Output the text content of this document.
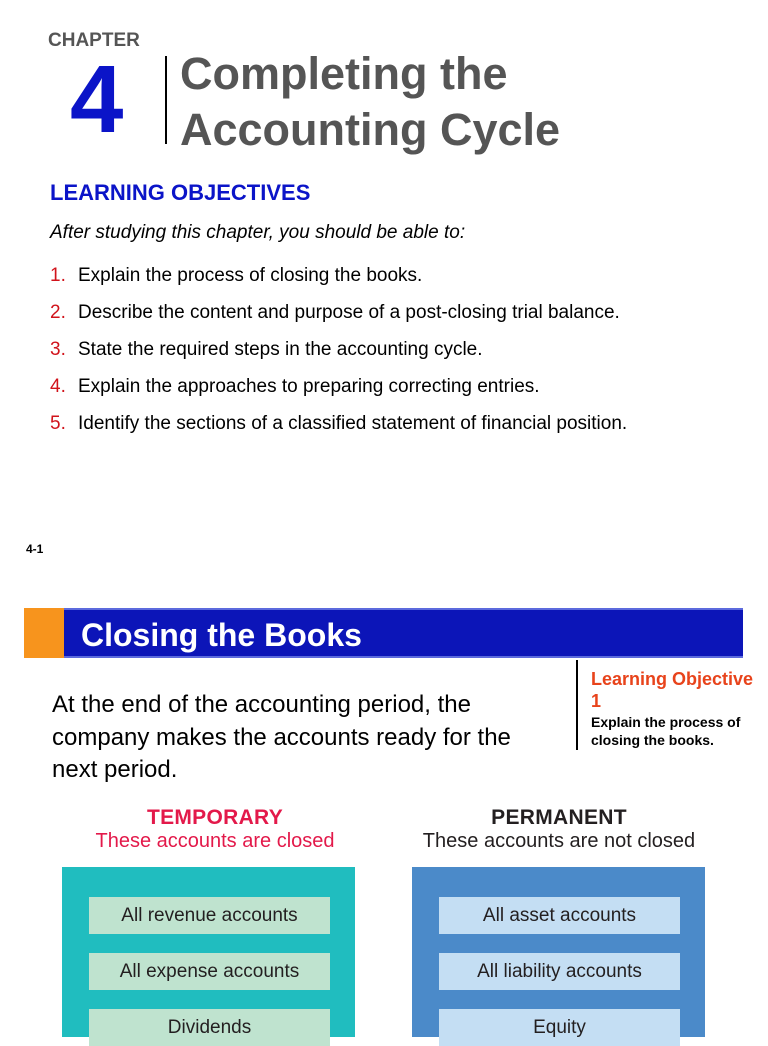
CHAPTER
4 Completing the Accounting Cycle
LEARNING OBJECTIVES
After studying this chapter, you should be able to:
1. Explain the process of closing the books.
2. Describe the content and purpose of a post-closing trial balance.
3. State the required steps in the accounting cycle.
4. Explain the approaches to preparing correcting entries.
5. Identify the sections of a classified statement of financial position.
4-1
Closing the Books
Learning Objective 1
Explain the process of closing the books.
At the end of the accounting period, the company makes the accounts ready for the next period.
TEMPORARY
These accounts are closed
PERMANENT
These accounts are not closed
All revenue accounts
All expense accounts
Dividends
All asset accounts
All liability accounts
Equity
